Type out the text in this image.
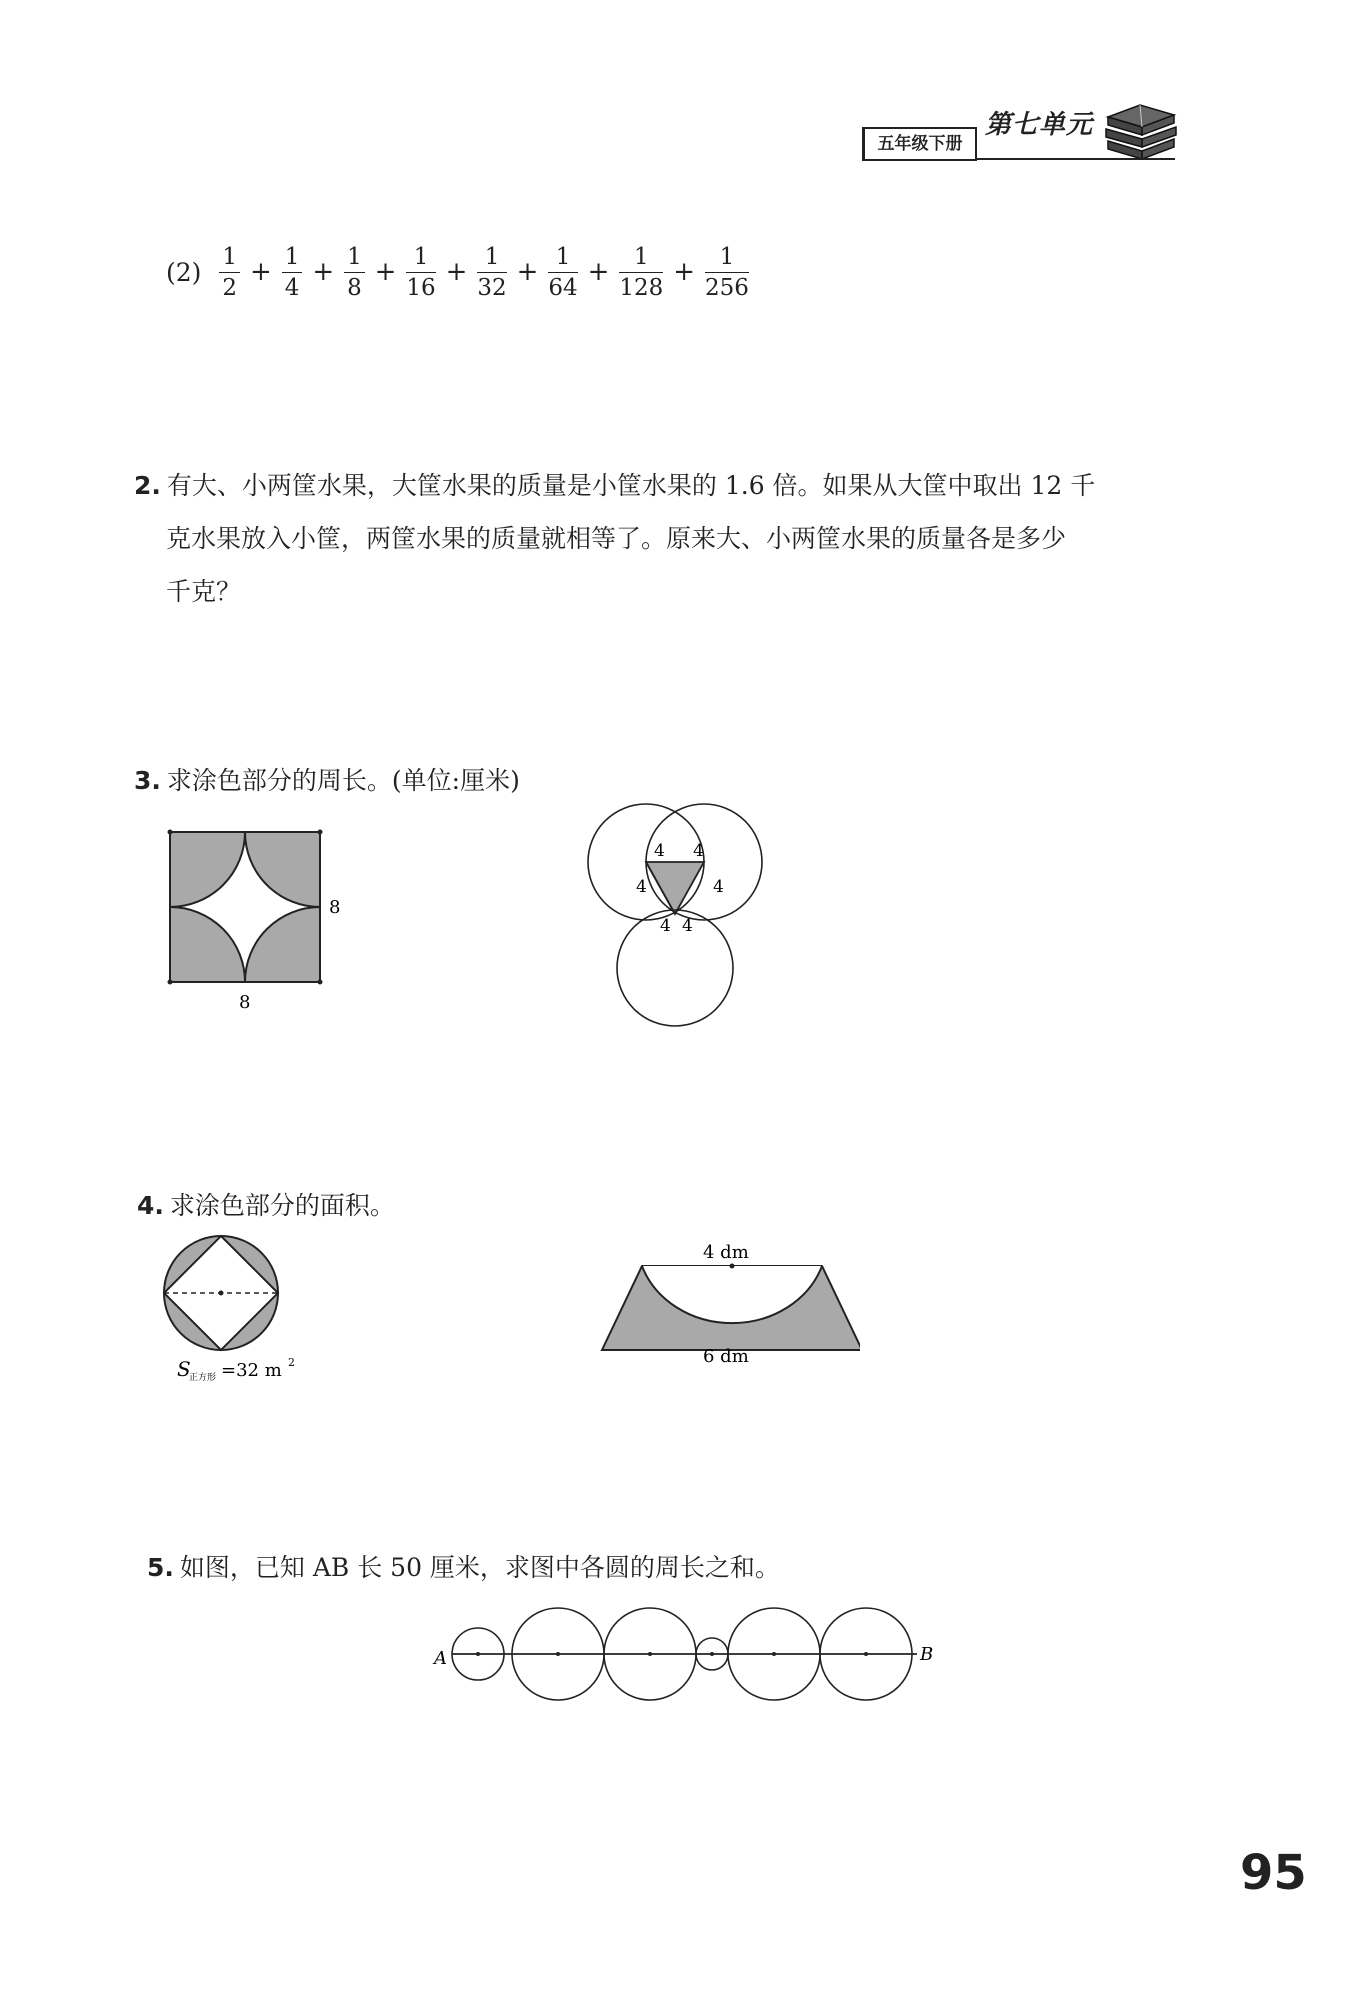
第七单元
五年级下册
$(2) \frac{1}{2} + \frac{1}{4} + \frac{1}{8} + \frac{1}{16} + \frac{1}{32} + \frac{1}{64} + \frac{1}{128} + \frac{1}{256}$
2. 有大、小两筐水果，大筐水果的质量是小筐水果的 1.6 倍。如果从大筐中取出 12 千
克水果放入小筐，两筐水果的质量就相等了。原来大、小两筐水果的质量各是多少
千克？
3. 求涂色部分的周长。(单位:厘米)
8
8
4 4
4	4
4 4
4. 求涂色部分的面积。
S
正方形 =32 m 2
4 dm
6 dm
5. 如图，已知 AB 长 50 厘米，求图中各圆的周长之和。
A	B
95
